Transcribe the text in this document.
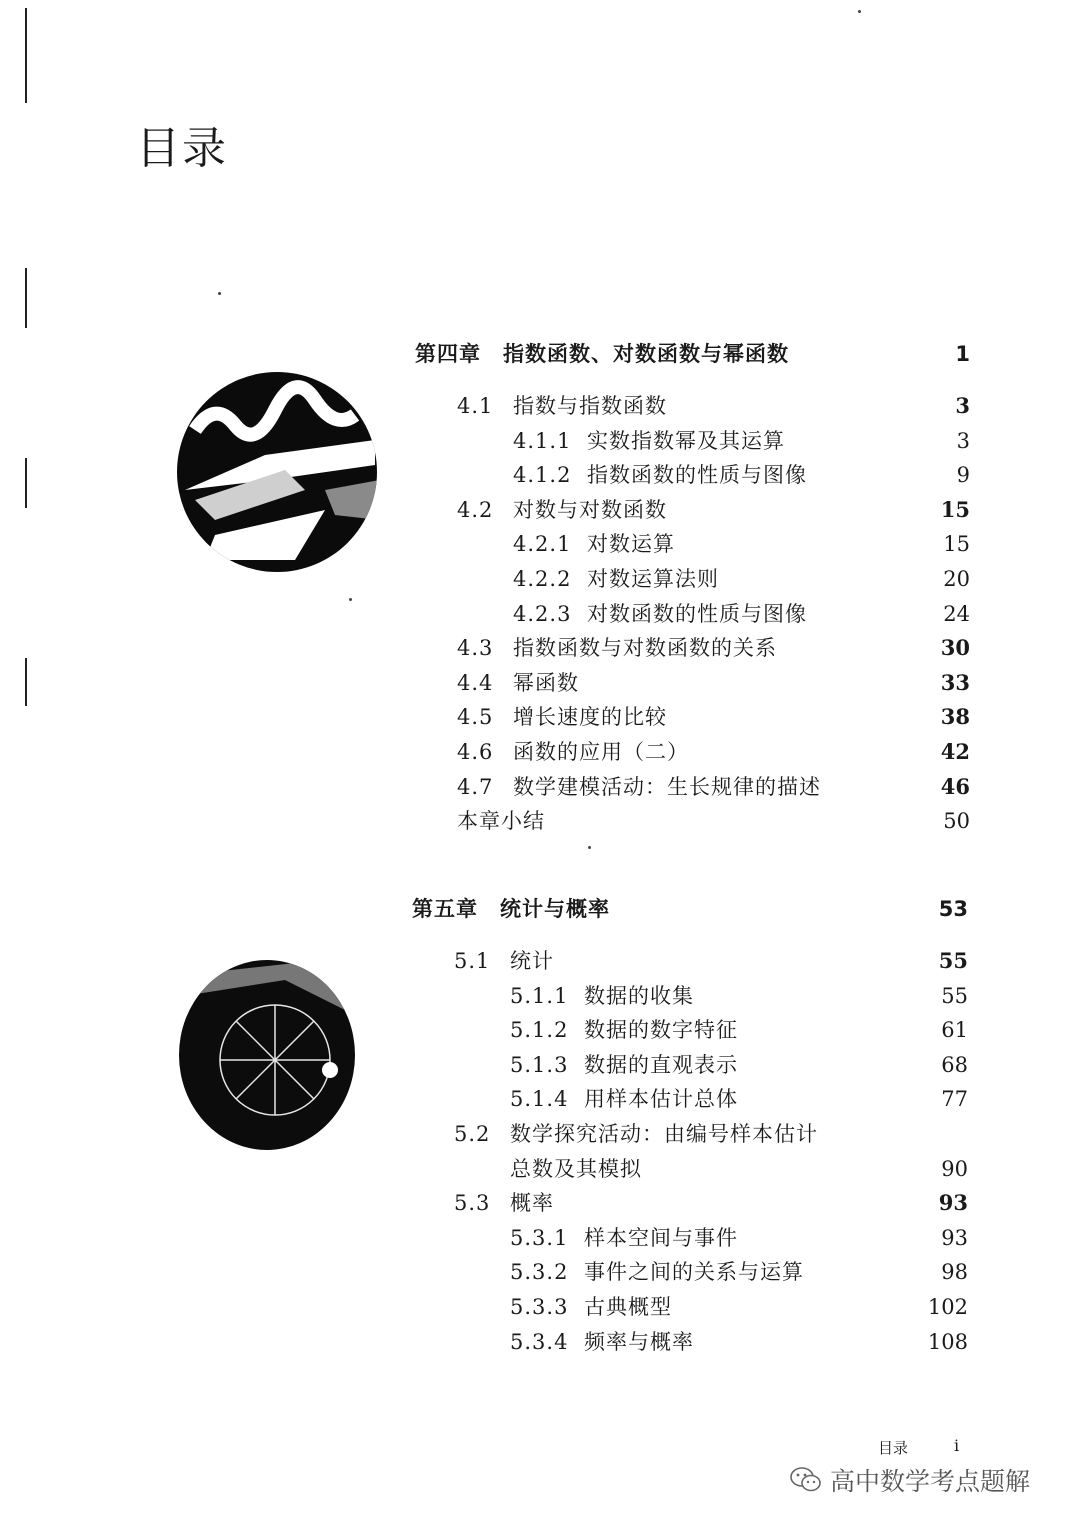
目录
第四章 指数函数、对数函数与幂函数	1
4.1 指数与指数函数	3
4.1.1 实数指数幂及其运算	3
4.1.2 指数函数的性质与图像	9
4.2 对数与对数函数	15
4.2.1 对数运算	15
4.2.2 对数运算法则	20
4.2.3 对数函数的性质与图像	24
4.3 指数函数与对数函数的关系	30
4.4 幂函数	33
4.5 增长速度的比较	38
4.6 函数的应用（二）	42
4.7 数学建模活动：生长规律的描述	46
本章小结	50
第五章 统计与概率	53
5.1 统计	55
5.1.1 数据的收集	55
5.1.2 数据的数字特征	61
5.1.3 数据的直观表示	68
5.1.4 用样本估计总体	77
5.2 数学探究活动：由编号样本估计
总数及其模拟	90
5.3 概率	93
5.3.1 样本空间与事件	93
5.3.2 事件之间的关系与运算	98
5.3.3 古典概型	102
5.3.4 频率与概率	108
目录	i
高中数学考点题解
